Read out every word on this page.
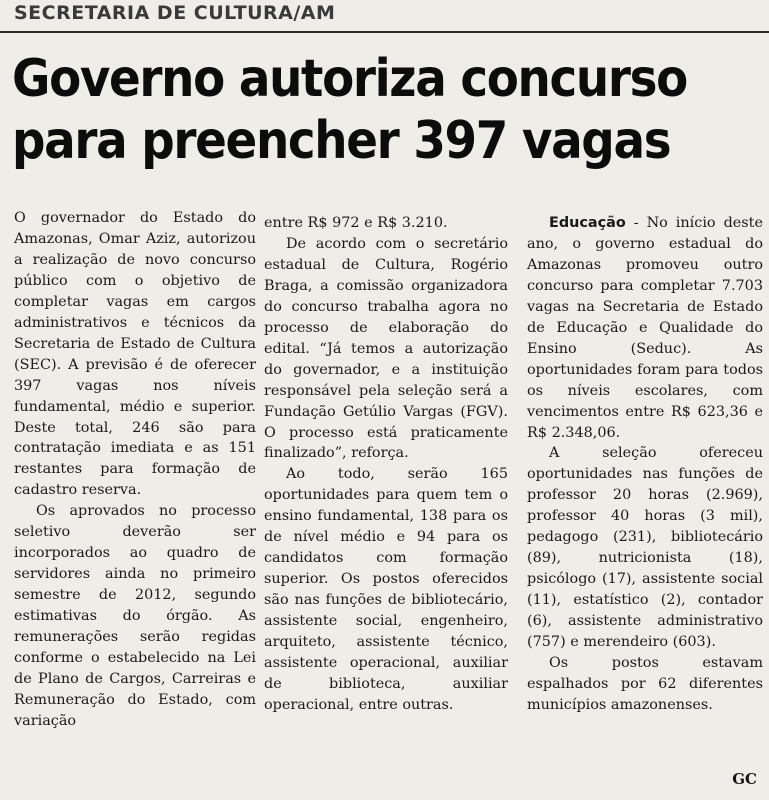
SECRETARIA DE CULTURA/AM
Governo autoriza concurso
para preencher 397 vagas

O governador do Estado do Amazonas, Omar Aziz, autorizou a realização de novo concurso público com o objetivo de completar vagas em cargos administrativos e técnicos da Secretaria de Estado de Cultura (SEC). A previsão é de oferecer 397 vagas nos níveis fundamental, médio e superior. Deste total, 246 são para contratação imediata e as 151 restantes para formação de cadastro reserva.

Os aprovados no processo seletivo deverão ser incorporados ao quadro de servidores ainda no primeiro semestre de 2012, segundo estimativas do órgão. As remunerações serão regidas conforme o estabelecido na Lei de Plano de Cargos, Carreiras e Remuneração do Estado, com variação

entre R$ 972 e R$ 3.210.

De acordo com o secretário estadual de Cultura, Rogério Braga, a comissão organizadora do concurso trabalha agora no processo de elaboração do edital. “Já temos a autorização do governador, e a instituição responsável pela seleção será a Fundação Getúlio Vargas (FGV). O processo está praticamente finalizado”, reforça.

Ao todo, serão 165 oportunidades para quem tem o ensino fundamental, 138 para os de nível médio e 94 para os candidatos com formação superior. Os postos oferecidos são nas funções de bibliotecário, assistente social, engenheiro, arquiteto, assistente técnico, assistente operacional, auxiliar de biblioteca, auxiliar operacional, entre outras.

Educação - No início deste ano, o governo estadual do Amazonas promoveu outro concurso para completar 7.703 vagas na Secretaria de Estado de Educação e Qualidade do Ensino (Seduc). As oportunidades foram para todos os níveis escolares, com vencimentos entre R$ 623,36 e R$ 2.348,06.

A seleção ofereceu oportunidades nas funções de professor 20 horas (2.969), professor 40 horas (3 mil), pedagogo (231), bibliotecário (89), nutricionista (18), psicólogo (17), assistente social (11), estatístico (2), contador (6), assistente administrativo (757) e merendeiro (603).

Os postos estavam espalhados por 62 diferentes municípios amazonenses.

GC
